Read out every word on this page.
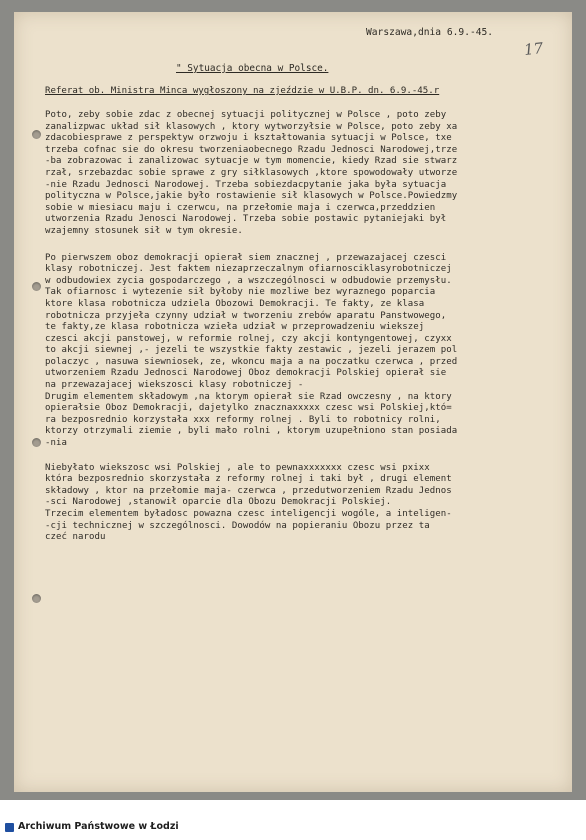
Warszawa,dnia 6.9.-45.
17
" Sytuacja obecna w Polsce.
Referat ob. Ministra Minca wygłoszony na zjeździe w U.B.P. dn. 6.9.-45.r
Poto, zeby sobie zdac z obecnej sytuacji politycznej w Polsce , poto zeby
zanalizpwac układ sił klasowych , ktory wytworzyłsie w Polsce, poto zeby xa
zdacobiesprawe z perspektyw orzwoju i kształtowania sytuacji w Polsce, txe
trzeba cofnac sie do okresu tworzeniaobecnego Rzadu Jednosci Narodowej,trze
-ba zobrazowac i zanalizowac sytuacje w tym momencie, kiedy Rzad sie stwarz
rzał, srzebazdac sobie sprawe z gry siłklasowych ,ktore spowodowały utworze
-nie Rzadu Jednosci Narodowej. Trzeba sobiezdacpytanie jaka była sytuacja
polityczna w Polsce,jakie było rostawienie sił klasowych w Polsce.Powiedzmy
sobie w miesiacu maju i czerwcu, na przełomie maja i czerwca,przeddzien
utworzenia Rzadu Jenosci Narodowej. Trzeba sobie postawic pytaniejaki był
wzajemny stosunek sił w tym okresie.
Po pierwszem oboz demokracji opierał siem znacznej , przewazajacej czesci
klasy robotniczej. Jest faktem niezaprzeczalnym ofiarnosciklasyrobotniczej
w odbudowiex zycia gospodarczego , a wszczególnosci w odbudowie przemysłu.
Tak ofiarnosc i wytezenie sił byłoby nie mozliwe bez wyraznego poparcia
ktore klasa robotnicza udziela Obozowi Demokracji. Te fakty, ze klasa
robotnicza przyjeła czynny udział w tworzeniu zrebów aparatu Panstwowego,
te fakty,ze klasa robotnicza wzieła udział w przeprowadzeniu wiekszej
czesci akcji panstowej, w reformie rolnej, czy akcji kontyngentowej, czyxx
to akcji siewnej ,- jezeli te wszystkie fakty zestawic , jezeli jerazem pol
polaczyc , nasuwa siewniosek, ze, wkoncu maja a na poczatku czerwca , przed
utworzeniem Rzadu Jednosci Narodowej Oboz demokracji Polskiej opierał sie
na przewazajacej wiekszosci klasy robotniczej -
Drugim elementem składowym ,na ktorym opierał sie Rzad owczesny , na ktory
opierałsie Oboz Demokracji, dajetylko znacznaxxxxx czesc wsi Polskiej,któ=
ra bezposrednio korzystała xxx reformy rolnej . Byli to robotnicy rolni,
ktorzy otrzymali ziemie , byli mało rolni , ktorym uzupełniono stan posiada
-nia
Niebyłato wiekszosc wsi Polskiej , ale to pewnaxxxxxxx czesc wsi pxixx
która bezposrednio skorzystała z reformy rolnej i taki był , drugi element
składowy , ktor na przełomie maja- czerwca , przedutworzeniem Rzadu Jednos
-sci Narodowej ,stanowił oparcie dla Obozu Demokracji Polskiej.
Trzecim elementem byładosc powazna czesc inteligencji wogóle, a inteligen-
-cji technicznej w szczególnosci. Dowodów na popieraniu Obozu przez ta
czeć narodu
Archiwum Państwowe w Łodzi
